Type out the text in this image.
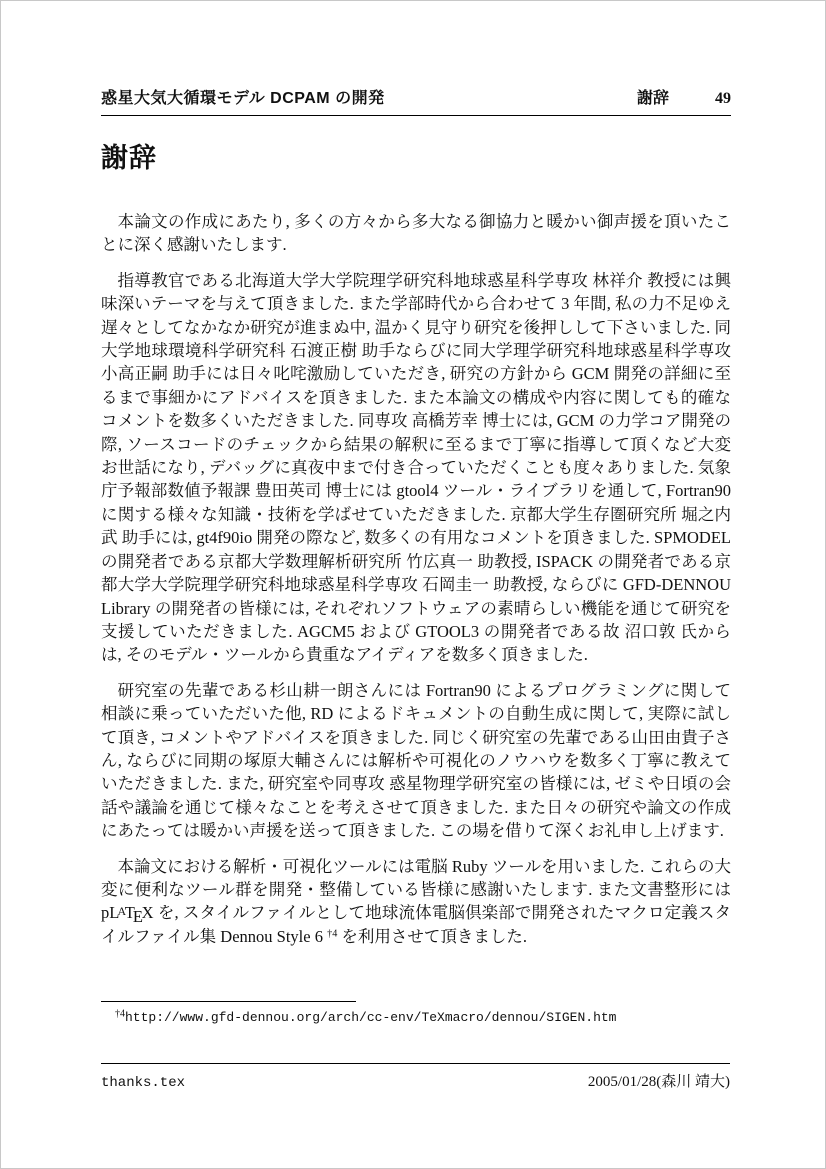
惑星大気大循環モデル DCPAM の開発	謝辞	49
謝辞

本論文の作成にあたり, 多くの方々から多大なる御協力と暖かい御声援を頂いたことに深く感謝いたします.

指導教官である北海道大学大学院理学研究科地球惑星科学専攻 林祥介 教授には興味深いテーマを与えて頂きました. また学部時代から合わせて 3 年間, 私の力不足ゆえ遅々としてなかなか研究が進まぬ中, 温かく見守り研究を後押しして下さいました. 同大学地球環境科学研究科 石渡正樹 助手ならびに同大学理学研究科地球惑星科学専攻 小高正嗣 助手には日々叱咤激励していただき, 研究の方針から GCM 開発の詳細に至るまで事細かにアドバイスを頂きました. また本論文の構成や内容に関しても的確なコメントを数多くいただきました. 同専攻 高橋芳幸 博士には, GCM の力学コア開発の際, ソースコードのチェックから結果の解釈に至るまで丁寧に指導して頂くなど大変お世話になり, デバッグに真夜中まで付き合っていただくことも度々ありました. 気象庁予報部数値予報課 豊田英司 博士には gtool4 ツール・ライブラリを通して, Fortran90 に関する様々な知識・技術を学ばせていただきました. 京都大学生存圏研究所 堀之内武 助手には, gt4f90io 開発の際など, 数多くの有用なコメントを頂きました. SPMODEL の開発者である京都大学数理解析研究所 竹広真一 助教授, ISPACK の開発者である京都大学大学院理学研究科地球惑星科学専攻 石岡圭一 助教授, ならびに GFD-DENNOU Library の開発者の皆様には, それぞれソフトウェアの素晴らしい機能を通じて研究を支援していただきました. AGCM5 および GTOOL3 の開発者である故 沼口敦 氏からは, そのモデル・ツールから貴重なアイディアを数多く頂きました.

研究室の先輩である杉山耕一朗さんには Fortran90 によるプログラミングに関して相談に乗っていただいた他, RD によるドキュメントの自動生成に関して, 実際に試して頂き, コメントやアドバイスを頂きました. 同じく研究室の先輩である山田由貴子さん, ならびに同期の塚原大輔さんには解析や可視化のノウハウを数多く丁寧に教えていただきました. また, 研究室や同専攻 惑星物理学研究室の皆様には, ゼミや日頃の会話や議論を通じて様々なことを考えさせて頂きました. また日々の研究や論文の作成にあたっては暖かい声援を送って頂きました. この場を借りて深くお礼申し上げます.

本論文における解析・可視化ツールには電脳 Ruby ツールを用いました. これらの大変に便利なツール群を開発・整備している皆様に感謝いたします. また文書整形には pLATEX を, スタイルファイルとして地球流体電脳倶楽部で開発されたマクロ定義スタイルファイル集 Dennou Style 6 $^{\dagger 4}$ を利用させて頂きました.

$^{\dagger 4}$http://www.gfd-dennou.org/arch/cc-env/TeXmacro/dennou/SIGEN.htm
thanks.tex	2005/01/28(森川 靖大)
